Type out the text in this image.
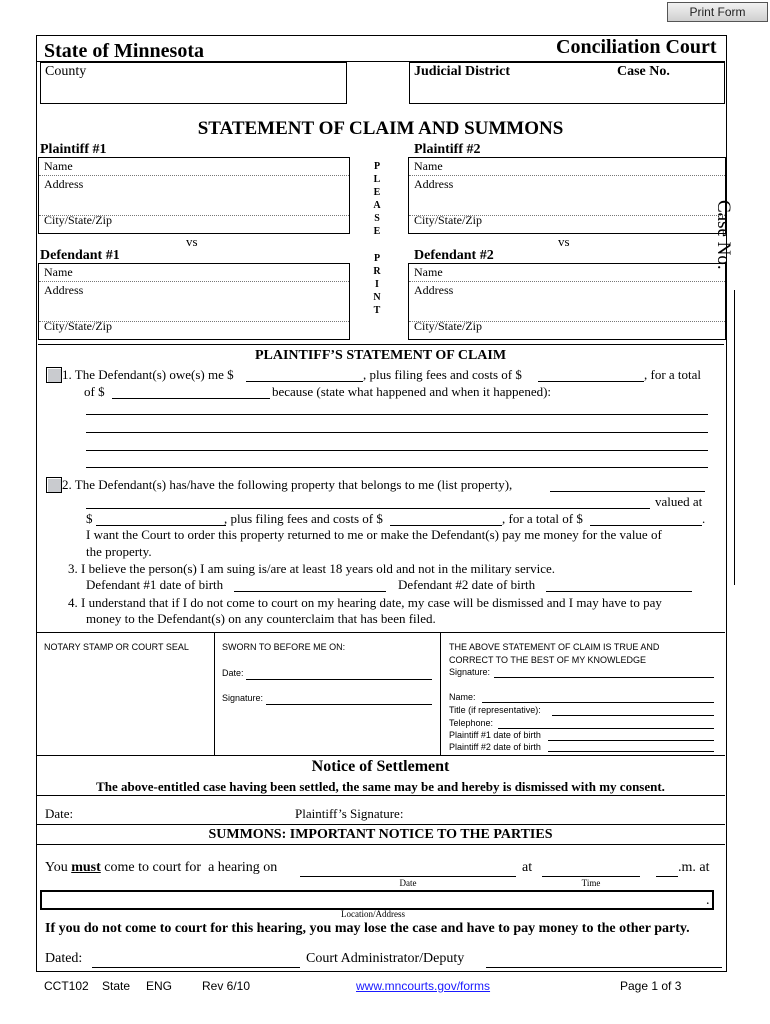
Print Form
State of Minnesota	Conciliation Court
County	Judicial District	Case No.
STATEMENT OF CLAIM AND SUMMONS
Case No.
P
L
E
A
S
E
P
R
I
N
T
Plaintiff #1
Name
Address
City/State/Zip
Plaintiff #2
Name
Address
City/State/Zip
vs	vs
Defendant #1
Name
Address
City/State/Zip
Defendant #2
Name
Address
City/State/Zip
PLAINTIFF’S STATEMENT OF CLAIM
1. The Defendant(s) owe(s) me $	, plus filing fees and costs of $	, for a total
of $	because (state what happened and when it happened):
2. The Defendant(s) has/have the following property that belongs to me (list property),
valued at
$	, plus filing fees and costs of $	, for a total of $	.
I want the Court to order this property returned to me or make the Defendant(s) pay me money for the value of
the property.
3. I believe the person(s) I am suing is/are at least 18 years old and not in the military service.
Defendant #1 date of birth	Defendant #2 date of birth
4. I understand that if I do not come to court on my hearing date, my case will be dismissed and I may have to pay
money to the Defendant(s) on any counterclaim that has been filed.
NOTARY STAMP OR COURT SEAL	SWORN TO BEFORE ME ON:
Date:
Signature:
THE ABOVE STATEMENT OF CLAIM IS TRUE AND
CORRECT TO THE BEST OF MY KNOWLEDGE
Signature:
Name:
Title (if representative):
Telephone:
Plaintiff #1 date of birth
Plaintiff #2 date of birth
Notice of Settlement
The above-entitled case having been settled, the same may be and hereby is dismissed with my consent.
Date:	Plaintiff’s Signature:
SUMMONS: IMPORTANT NOTICE TO THE PARTIES
You must come to court for  a hearing on	at	.m. at
Date	Time
.
Location/Address
If you do not come to court for this hearing, you may lose the case and have to pay money to the other party.
Dated:	Court Administrator/Deputy
CCT102 State ENG Rev 6/10	www.mncourts.gov/forms	Page 1 of 3
